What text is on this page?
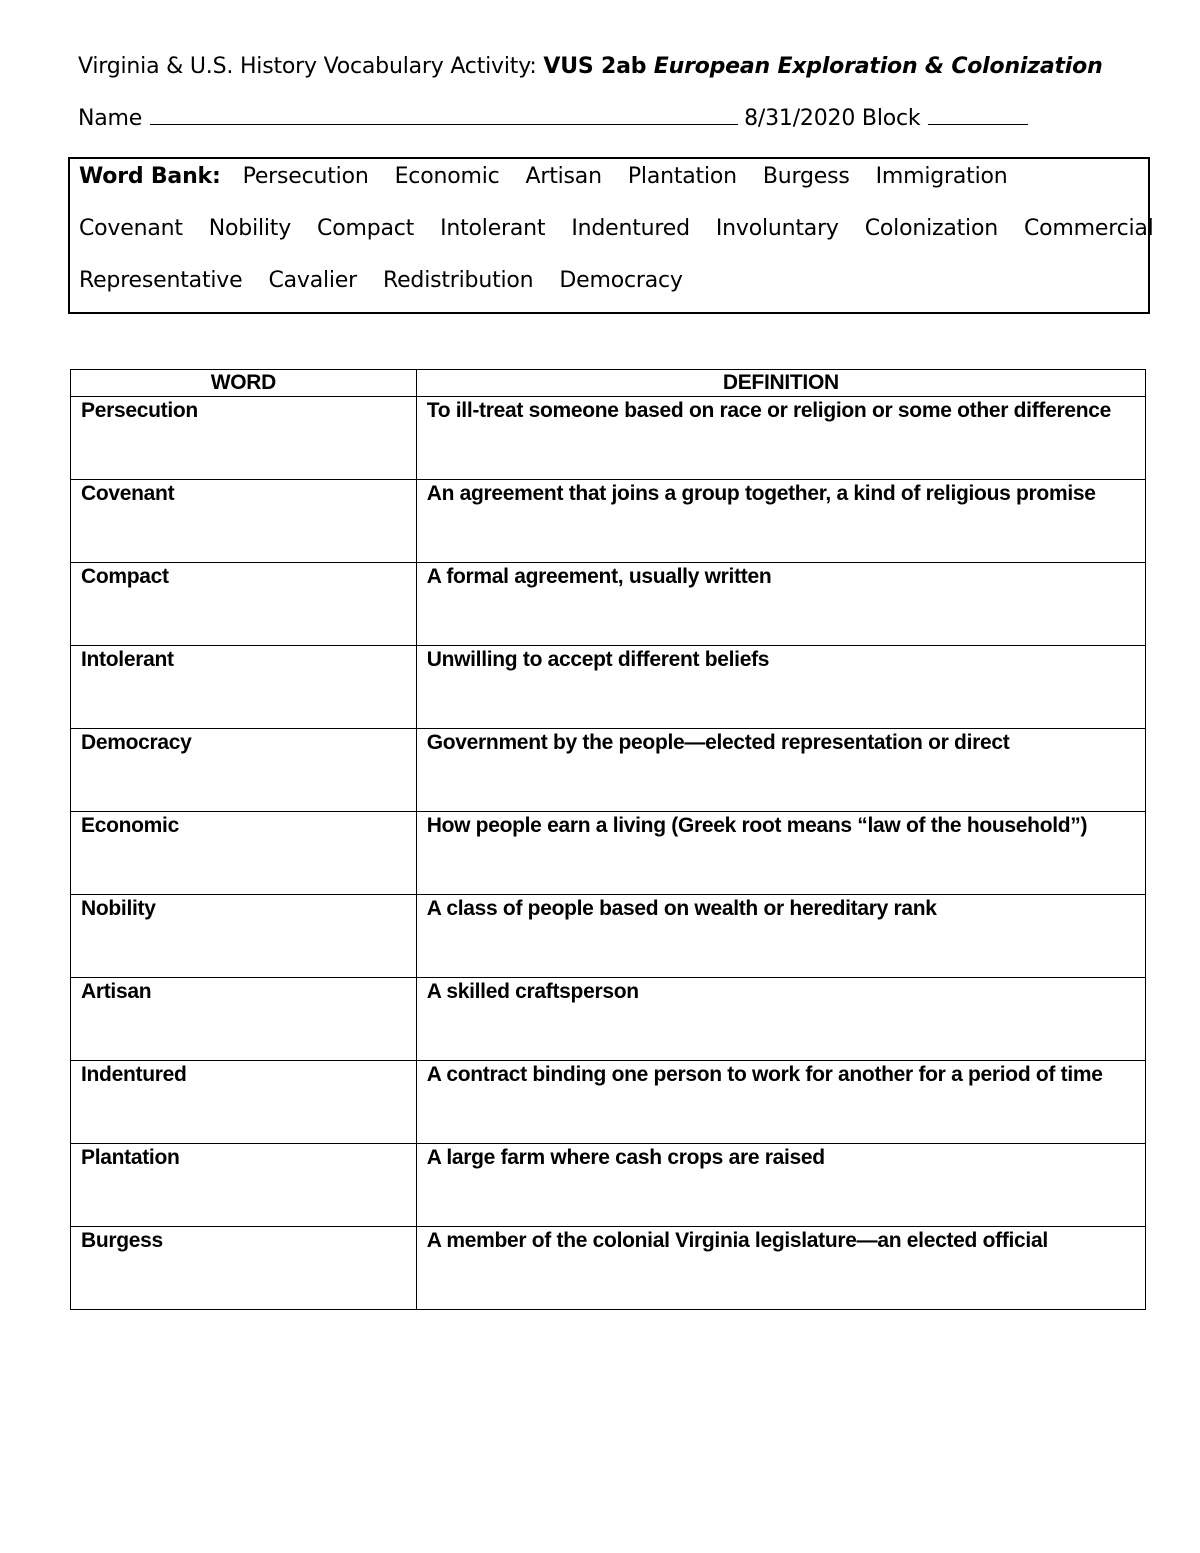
Virginia & U.S. History Vocabulary Activity: VUS 2ab European Exploration & Colonization
Name	8/31/2020 Block
Word Bank: Persecution Economic Artisan Plantation Burgess Immigration
Covenant Nobility Compact Intolerant Indentured Involuntary Colonization Commercial
Representative Cavalier Redistribution Democracy
WORD	DEFINITION
Persecution	To ill-treat someone based on race or religion or some other difference
Covenant	An agreement that joins a group together, a kind of religious promise
Compact	A formal agreement, usually written
Intolerant	Unwilling to accept different beliefs
Democracy	Government by the people—elected representation or direct
Economic	How people earn a living (Greek root means “law of the household”)
Nobility	A class of people based on wealth or hereditary rank
Artisan	A skilled craftsperson
Indentured	A contract binding one person to work for another for a period of time
Plantation	A large farm where cash crops are raised
Burgess	A member of the colonial Virginia legislature—an elected official
